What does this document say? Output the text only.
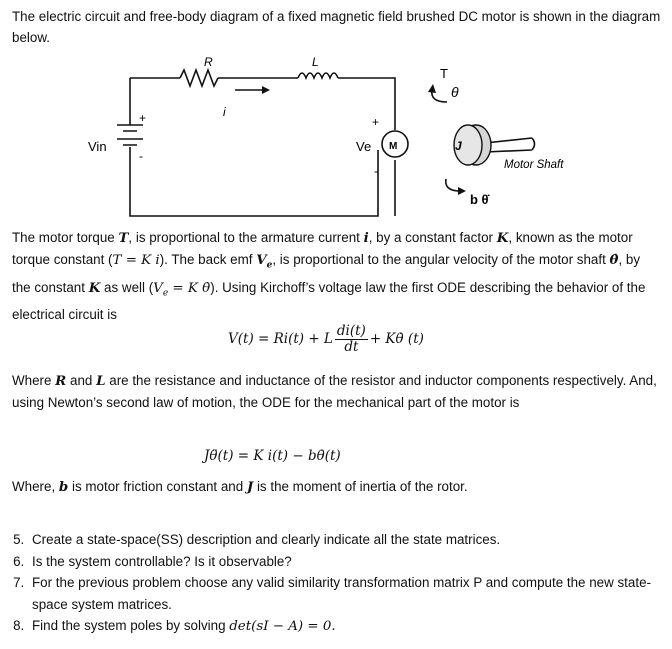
The electric circuit and free-body diagram of a fixed magnetic field brushed DC motor is shown in the diagram below.

R	L
i
Vin
+
-
+
-
Ve M
T
θ
J
Motor Shaft
b θ̇

The motor torque T, is proportional to the armature current i, by a constant factor K, known as the motor torque constant (T = K i). The back emf $V_e$, is proportional to the angular velocity of the motor shaft θ̇, by the constant K as well ($V_e = K$ θ̇). Using Kirchoff’s voltage law the first ODE describing the behavior of the electrical circuit is

V(t) = Ri(t) + L $\frac{di(t)}{dt}$ + Kθ̇ (t)

Where R and L are the resistance and inductance of the resistor and inductor components respectively. And, using Newton’s second law of motion, the ODE for the mechanical part of the motor is

Jθ̈(t) = K i(t) − bθ̇(t)

Where, b is motor friction constant and J is the moment of inertia of the rotor.

5. Create a state-space(SS) description and clearly indicate all the state matrices.
6. Is the system controllable? Is it observable?
7. For the previous problem choose any valid similarity transformation matrix P and compute the new state-space system matrices.
8. Find the system poles by solving det(sI − A) = 0.
